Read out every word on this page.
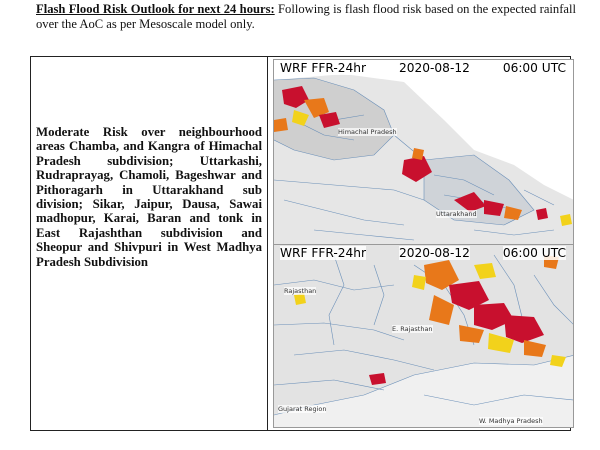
Flash Flood Risk Outlook for next 24 hours: Following is flash flood risk based on the expected rainfall over the AoC as per Mesoscale model only.
Moderate Risk over neighbourhood areas Chamba, and Kangra of Himachal Pradesh subdivision; Uttarkashi, Rudraprayag, Chamoli, Bageshwar and Pithoragarh in Uttarakhand sub division; Sikar, Jaipur, Dausa, Sawai madhopur, Karai, Baran and tonk in East Rajashthan subdivision and Sheopur and Shivpuri in West Madhya Pradesh Subdivision
WRF FFR-24hr	2020-08-12	06:00 UTC
Himachal Pradesh
Uttarakhand
WRF FFR-24hr	2020-08-12	06:00 UTC
Rajasthan
E. Rajasthan
Gujarat Region
W. Madhya Pradesh
